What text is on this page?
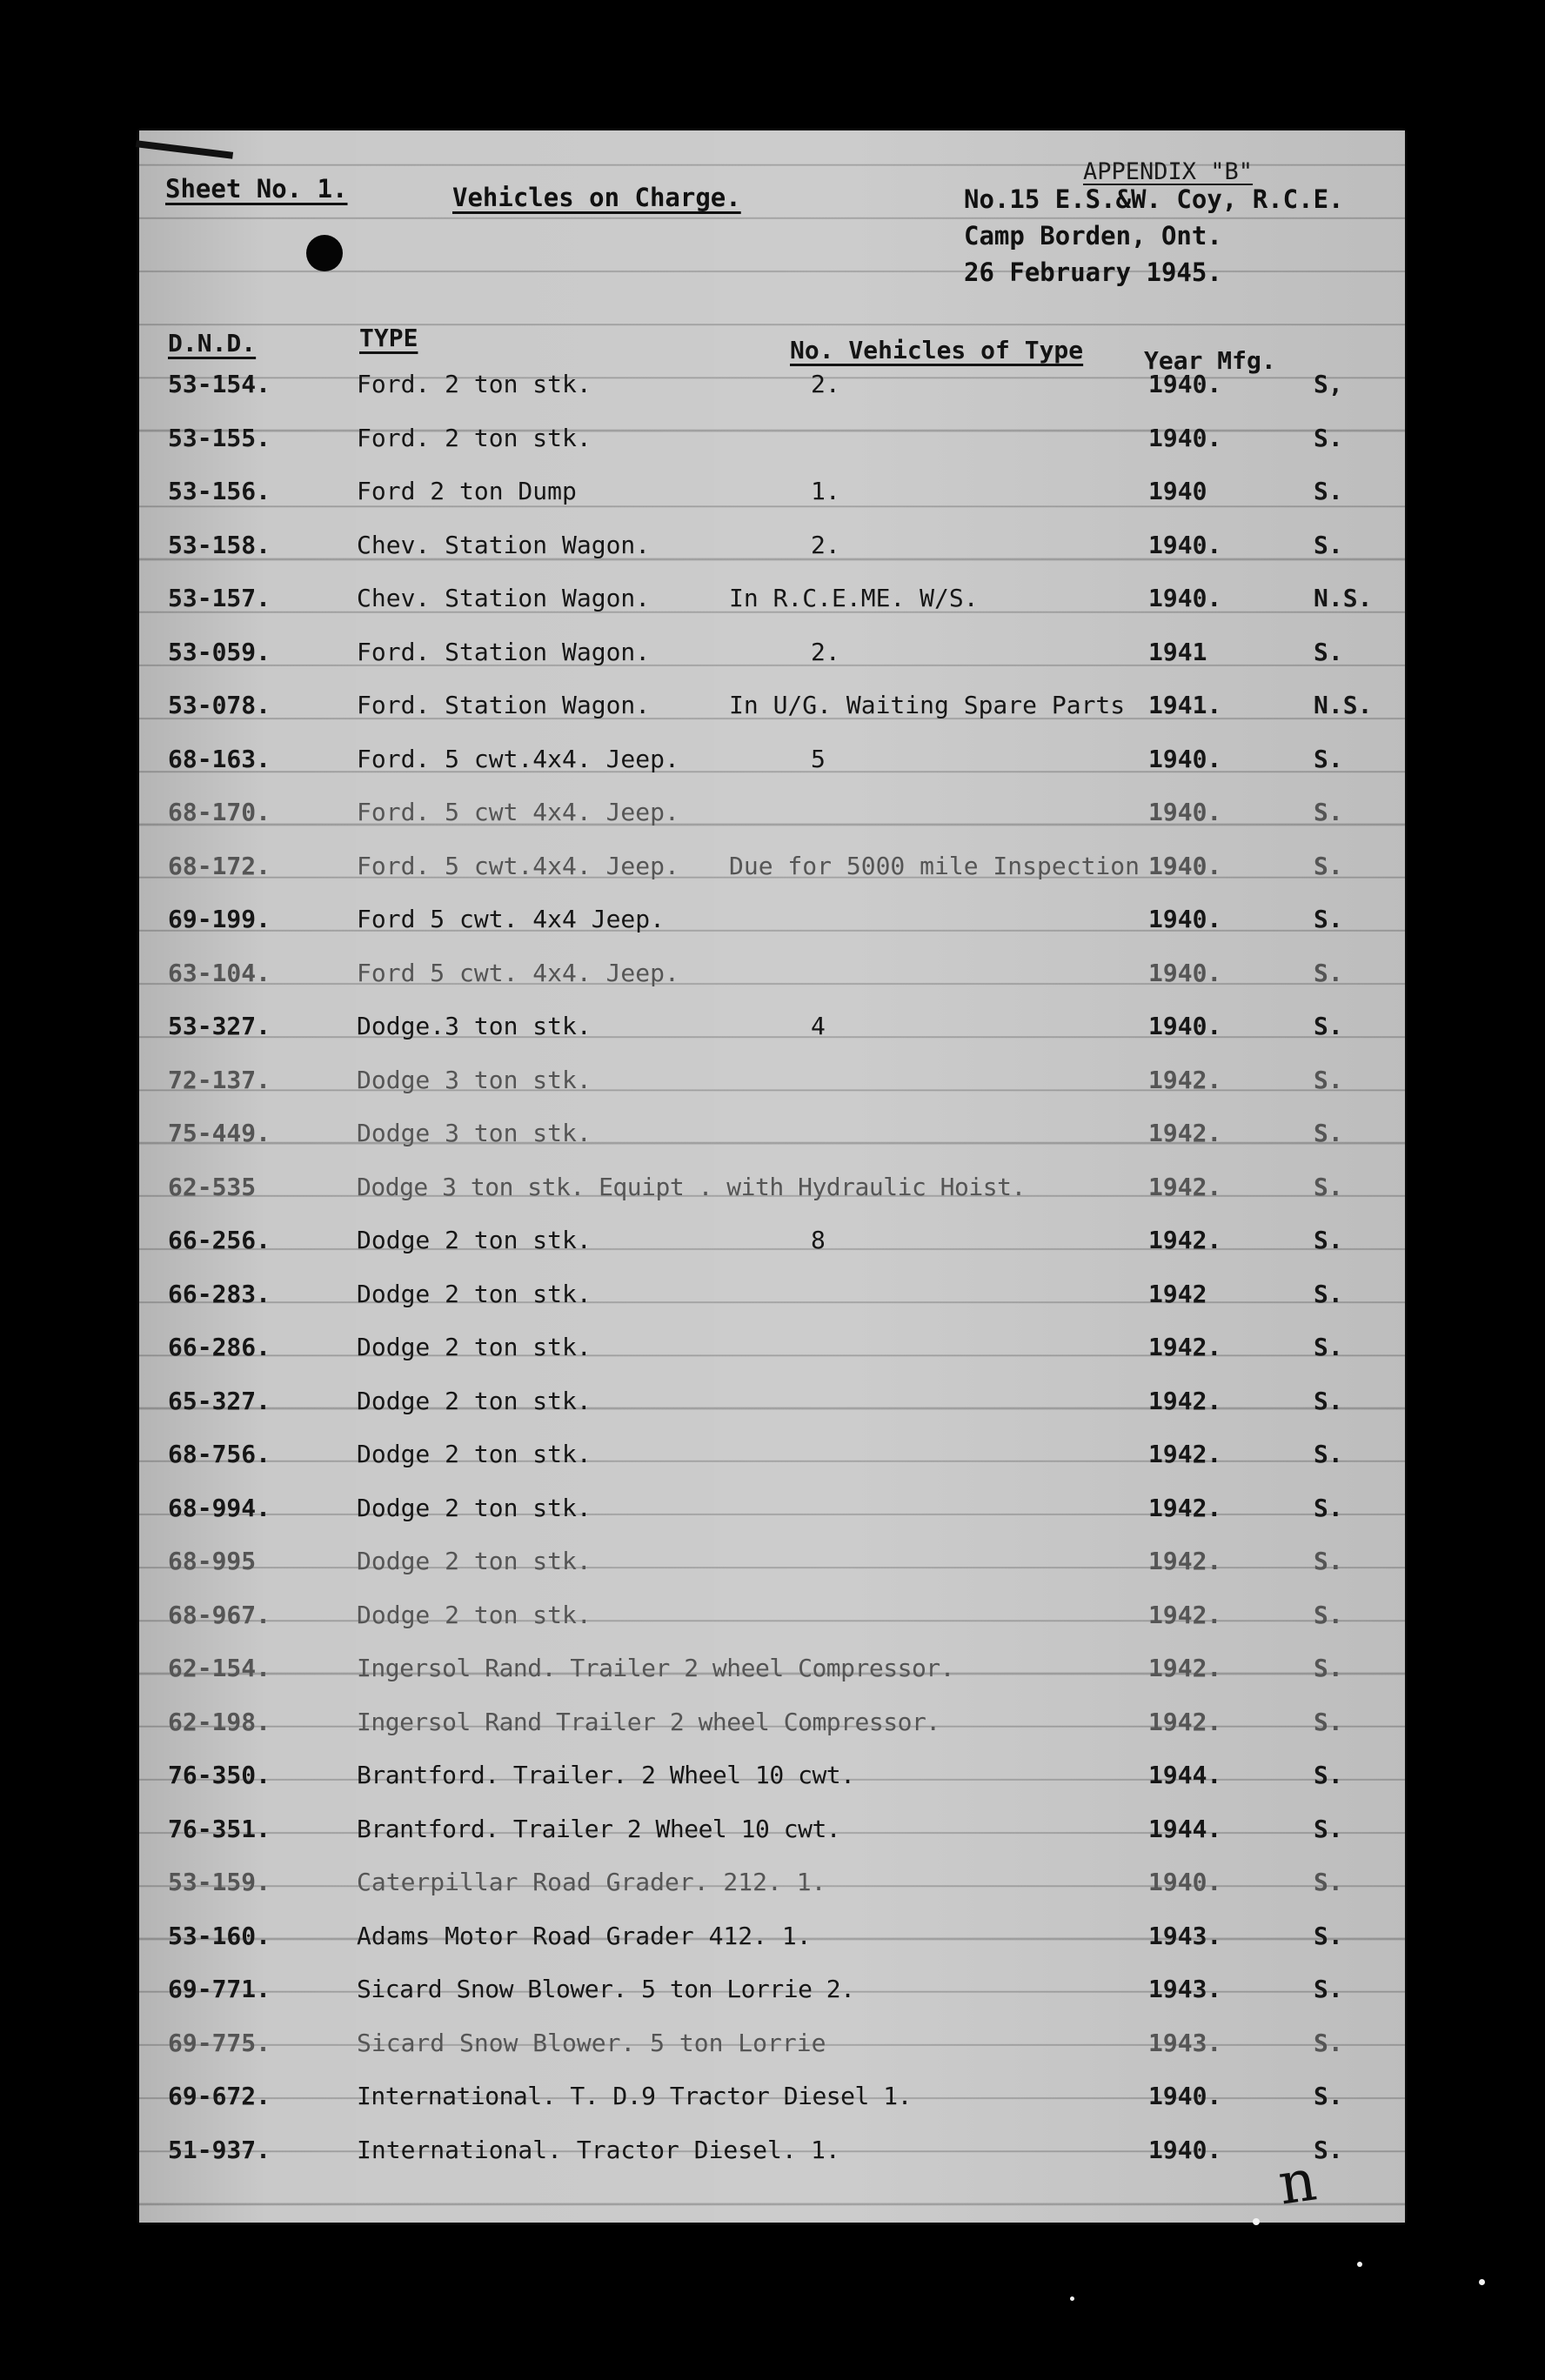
Sheet No. 1.	Vehicles on Charge.
APPENDIX "B"
No.15 E.S.&W. Coy, R.C.E.
Camp Borden, Ont.
26 February 1945.
D.N.D.	TYPE	No. Vehicles of Type Year Mfg.
53-154.	Ford. 2 ton stk.	2.	1940.	S,
53-155.	Ford. 2 ton stk.	1940.	S.
53-156.	Ford 2 ton Dump	1.	1940	S.
53-158.	Chev. Station Wagon.	2.	1940.	S.
53-157.	Chev. Station Wagon.	In R.C.E.ME. W/S.	1940.	N.S.
53-059.	Ford. Station Wagon.	2.	1941	S.
53-078.	Ford. Station Wagon.	In U/G. Waiting Spare Parts 1941.	N.S.
68-163.	Ford. 5 cwt.4x4. Jeep.	5	1940.	S.
68-170.	Ford. 5 cwt 4x4. Jeep.	1940.	S.
68-172.	Ford. 5 cwt.4x4. Jeep. Due for 5000 mile Inspection 1940.	S.
69-199.	Ford 5 cwt. 4x4 Jeep.	1940.	S.
63-104.	Ford 5 cwt. 4x4. Jeep.	1940.	S.
53-327.	Dodge.3 ton stk.	4	1940.	S.
72-137.	Dodge 3 ton stk.	1942.	S.
75-449.	Dodge 3 ton stk.	1942.	S.
62-535	Dodge 3 ton stk. Equipt . with Hydraulic Hoist.	1942.	S.
66-256.	Dodge 2 ton stk.	8	1942.	S.
66-283.	Dodge 2 ton stk.	1942	S.
66-286.	Dodge 2 ton stk.	1942.	S.
65-327.	Dodge 2 ton stk.	1942.	S.
68-756.	Dodge 2 ton stk.	1942.	S.
68-994.	Dodge 2 ton stk.	1942.	S.
68-995	Dodge 2 ton stk.	1942.	S.
68-967.	Dodge 2 ton stk.	1942.	S.
62-154.	Ingersol Rand. Trailer 2 wheel Compressor.	1942.	S.
62-198.	Ingersol Rand Trailer 2 wheel Compressor.	1942.	S.
76-350.	Brantford. Trailer. 2 Wheel 10 cwt.	1944.	S.
76-351.	Brantford. Trailer 2 Wheel 10 cwt.	1944.	S.
53-159.	Caterpillar Road Grader. 212. 1.	1940.	S.
53-160.	Adams Motor Road Grader 412. 1.	1943.	S.
69-771.	Sicard Snow Blower. 5 ton Lorrie 2.	1943.	S.
69-775.	Sicard Snow Blower. 5 ton Lorrie	1943.	S.
69-672.	International. T. D.9 Tractor Diesel 1.	1940.	S.
51-937.	International. Tractor Diesel. 1.	1940.	S.
n
